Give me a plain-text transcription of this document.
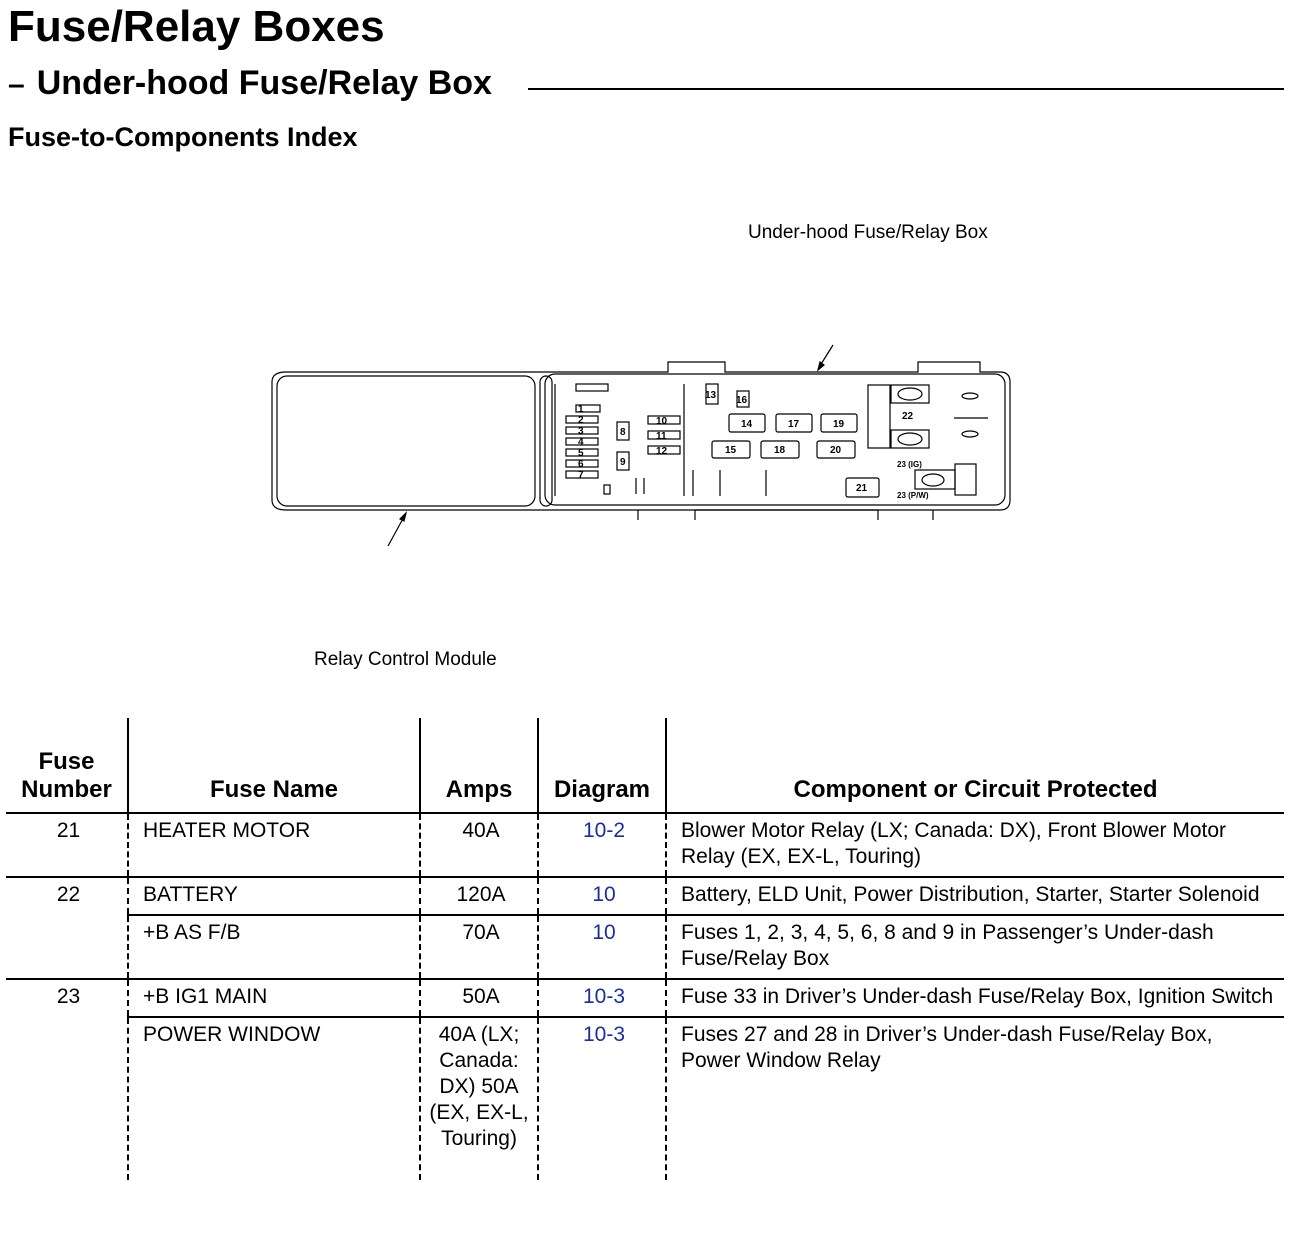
Fuse/Relay Boxes
– Under-hood Fuse/Relay Box
Fuse-to-Components Index
Under-hood Fuse/Relay Box
Relay Control Module
1
2
3
4
5
6
7
8
9
10
11
12
13 16
14	17	19
15	18	20
21
22
23 (IG)
23 (P/W)
Fuse
Number	Fuse Name	Amps	Diagram	Component or Circuit Protected
21	HEATER MOTOR	40A	10-2	Blower Motor Relay (LX; Canada: DX), Front Blower Motor Relay (EX, EX-L, Touring)
22	BATTERY	120A	10	Battery, ELD Unit, Power Distribution, Starter, Starter Solenoid
	+B AS F/B	70A	10	Fuses 1, 2, 3, 4, 5, 6, 8 and 9 in Passenger’s Under-dash Fuse/Relay Box
23	+B IG1 MAIN	50A	10-3	Fuse 33 in Driver’s Under-dash Fuse/Relay Box, Ignition Switch
	POWER WINDOW	40A (LX; Canada: DX) 50A (EX, EX-L, Touring)	10-3	Fuses 27 and 28 in Driver’s Under-dash Fuse/Relay Box, Power Window Relay
